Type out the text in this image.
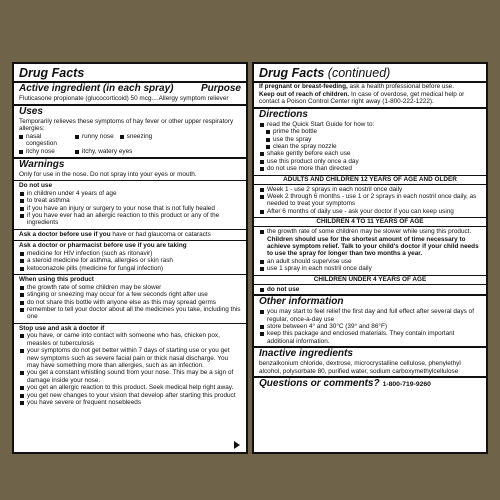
Drug Facts
Active ingredient (in each spray)	Purpose
Fluticasone propionate (glucocorticoid) 50 mcg....Allergy symptom reliever
Uses
Temporarily relieves these symptoms of hay fever or other upper respiratory allergies:
nasal congestion
runny nose	sneezing
itchy nose	itchy, watery eyes
Warnings
Only for use in the nose. Do not spray into your eyes or mouth.
Do not use
in children under 4 years of age
to treat asthma
if you have an injury or surgery to your nose that is not fully healed
if you have ever had an allergic reaction to this product or any of the ingredients
Ask a doctor before use if you have or had glaucoma or cataracts
Ask a doctor or pharmacist before use if you are taking
medicine for HIV infection (such as ritonavir)
a steroid medicine for asthma, allergies or skin rash
ketoconazole pills (medicine for fungal infection)
When using this product
the growth rate of some children may be slower
stinging or sneezing may occur for a few seconds right after use
do not share this bottle with anyone else as this may spread germs
remember to tell your doctor about all the medicines you take, including this one
Stop use and ask a doctor if
you have, or came into contact with someone who has, chicken pox, measles or tuberculosis
your symptoms do not get better within 7 days of starting use or you get new symptoms such as severe facial pain or thick nasal discharge. You may have something more than allergies, such as an infection.
you get a constant whistling sound from your nose. This may be a sign of damage inside your nose.
you get an allergic reaction to this product. Seek medical help right away.
you get new changes to your vision that develop after starting this product
you have severe or frequent nosebleeds
Drug Facts (continued)
If pregnant or breast-feeding, ask a health professional before use.
Keep out of reach of children. In case of overdose, get medical help or contact a Poison Control Center right away (1-800-222-1222).
Directions
read the Quick Start Guide for how to:
prime the bottle
use the spray
clean the spray nozzle
shake gently before each use
use this product only once a day
do not use more than directed
ADULTS AND CHILDREN 12 YEARS OF AGE AND OLDER
Week 1 - use 2 sprays in each nostril once daily
Week 2 through 6 months - use 1 or 2 sprays in each nostril once daily, as needed to treat your symptoms
After 6 months of daily use - ask your doctor if you can keep using
CHILDREN 4 TO 11 YEARS OF AGE
the growth rate of some children may be slower while using this product. Children should use for the shortest amount of time necessary to achieve symptom relief. Talk to your child's doctor if your child needs to use the spray for longer than two months a year.
an adult should supervise use
use 1 spray in each nostril once daily
CHILDREN UNDER 4 YEARS OF AGE
do not use
Other information
you may start to feel relief the first day and full effect after several days of regular, once-a-day use
store between 4° and 30°C (39° and 86°F)
keep this package and enclosed materials. They contain important additional information.
Inactive ingredients
benzalkonium chloride, dextrose, microcrystalline cellulose, phenylethyl alcohol, polysorbate 80, purified water, sodium carboxymethylcellulose
Questions or comments? 1-800-719-9260
